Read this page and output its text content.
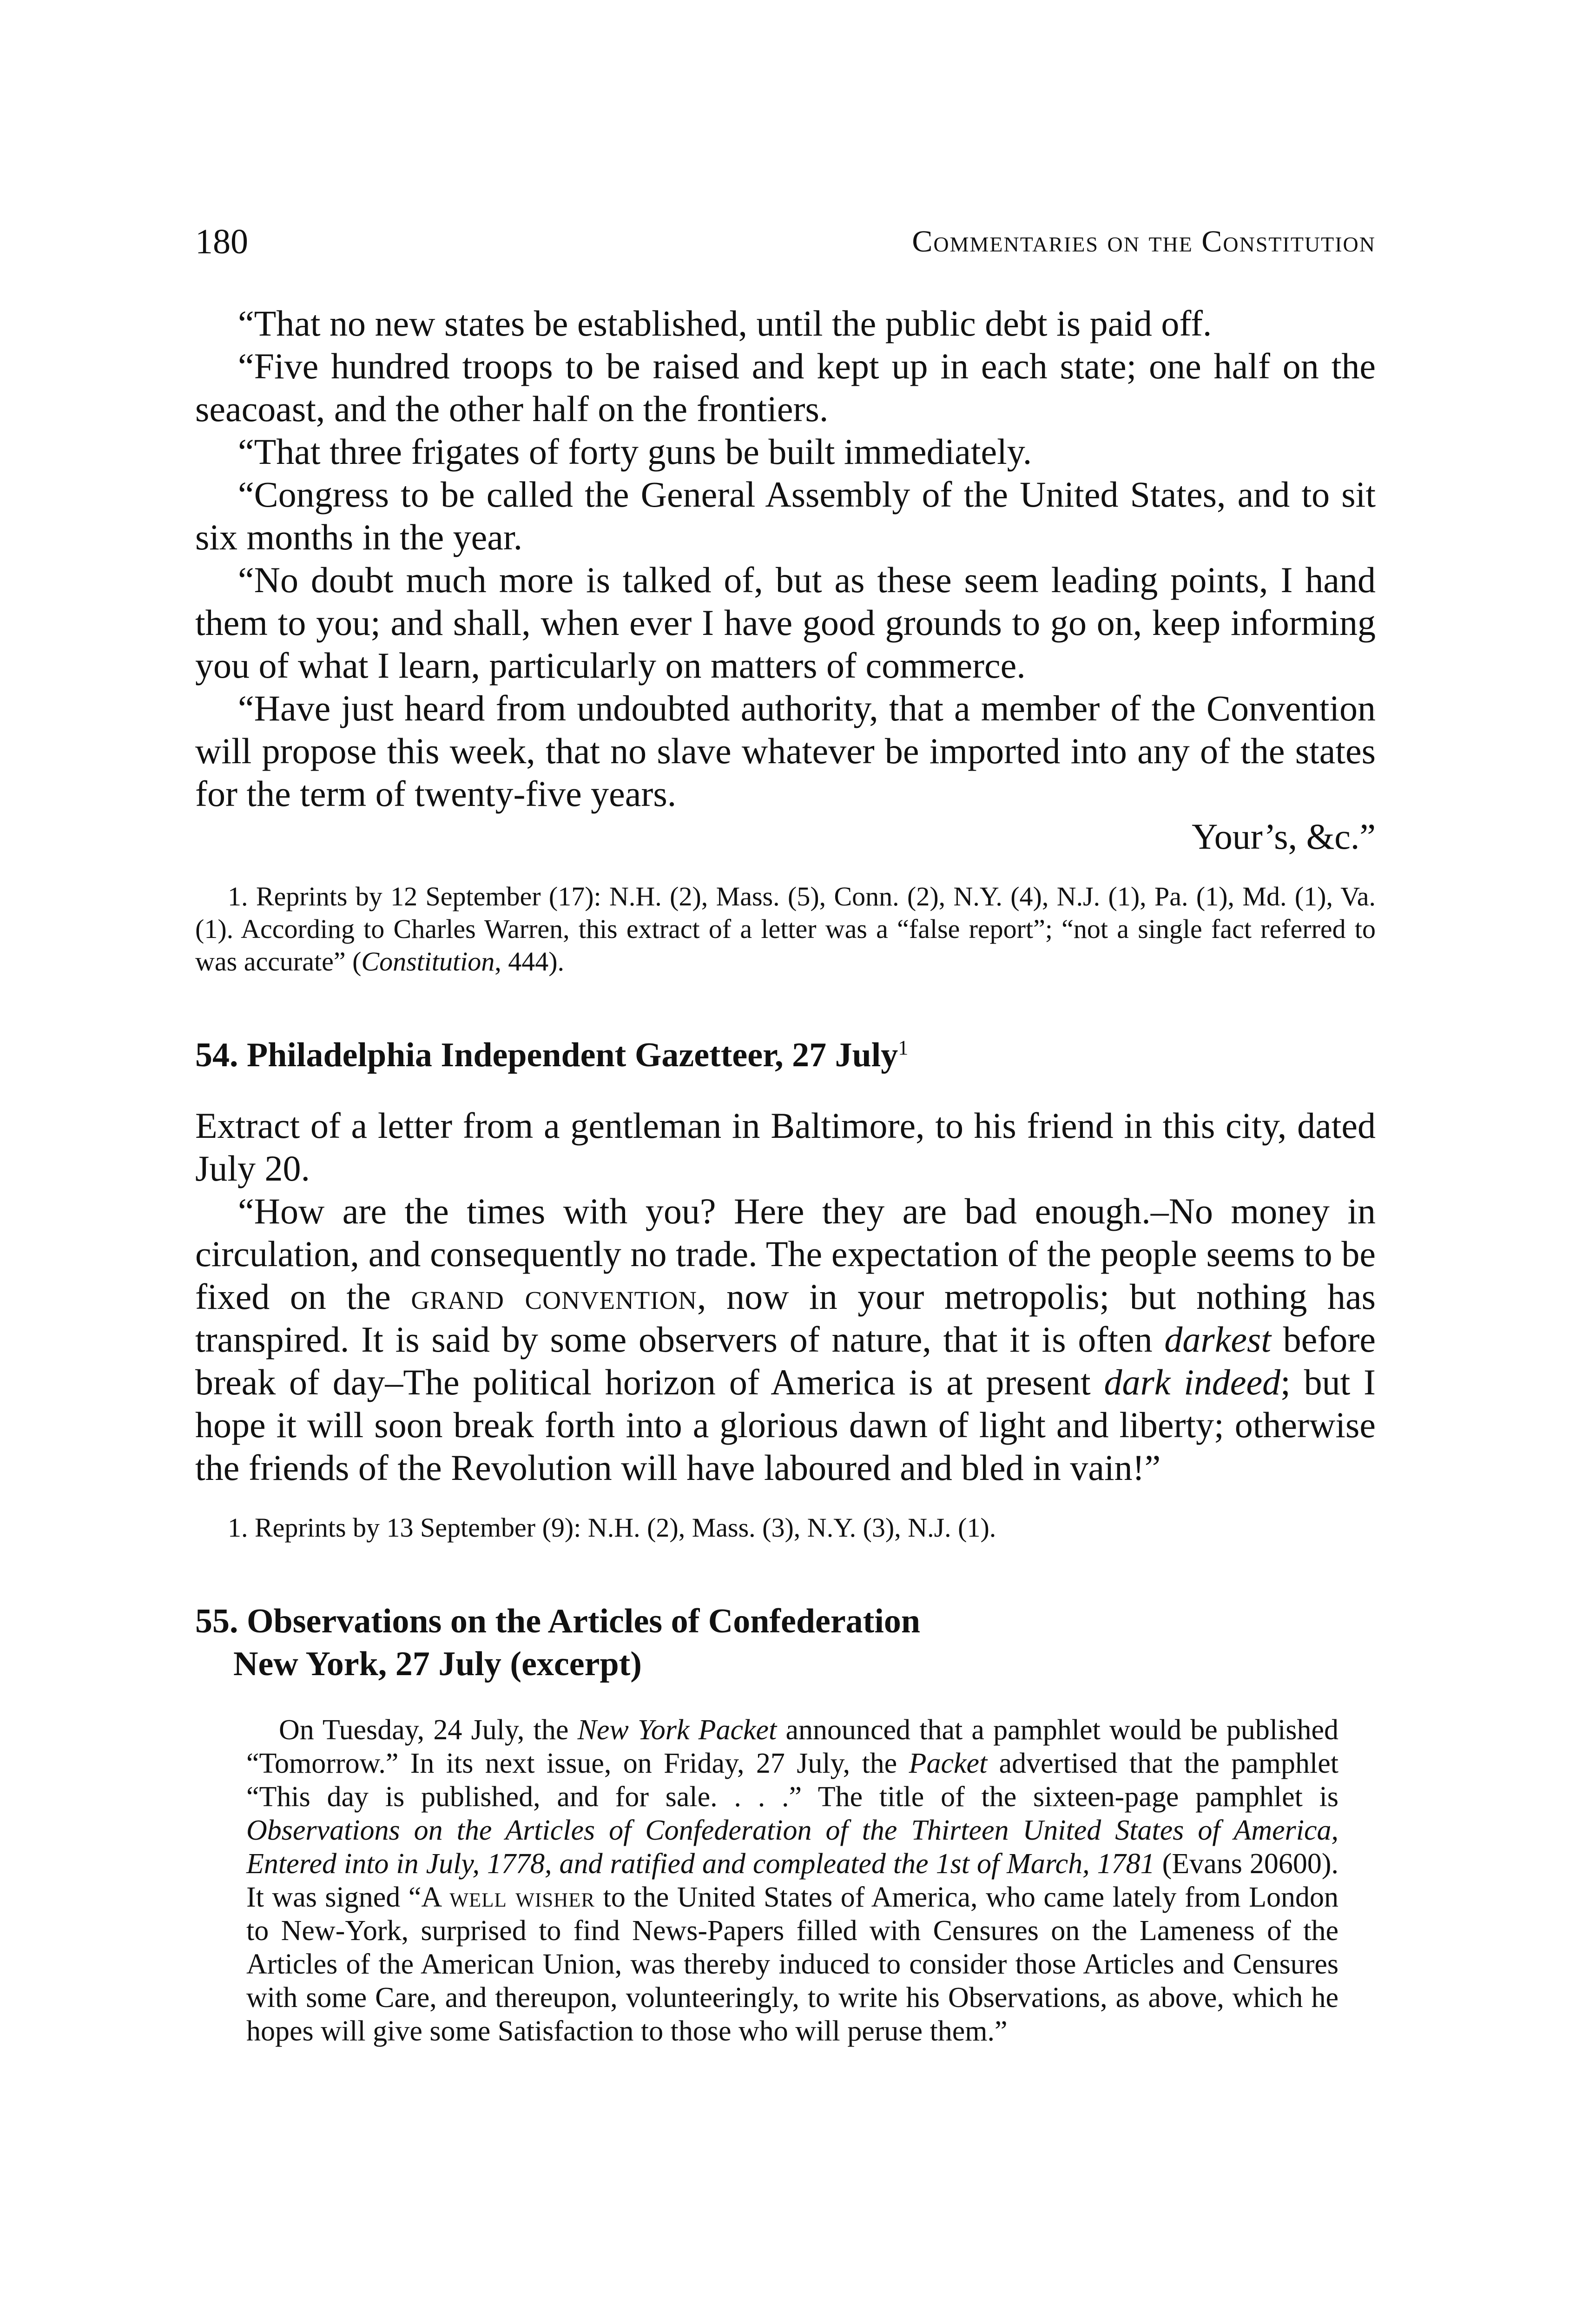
180	Commentaries on the Constitution

“That no new states be established, until the public debt is paid off.

“Five hundred troops to be raised and kept up in each state; one half on the seacoast, and the other half on the frontiers.

“That three frigates of forty guns be built immediately.

“Congress to be called the General Assembly of the United States, and to sit six months in the year.

“No doubt much more is talked of, but as these seem leading points, I hand them to you; and shall, when ever I have good grounds to go on, keep informing you of what I learn, particularly on matters of commerce.

“Have just heard from undoubted authority, that a member of the Convention will propose this week, that no slave whatever be imported into any of the states for the term of twenty-five years.
Your’s, &c.”

1. Reprints by 12 September (17): N.H. (2), Mass. (5), Conn. (2), N.Y. (4), N.J. (1), Pa. (1), Md. (1), Va. (1). According to Charles Warren, this extract of a letter was a “false report”; “not a single fact referred to was accurate” (Constitution, 444).

54. Philadelphia Independent Gazetteer, 27 July$^1$

Extract of a letter from a gentleman in Baltimore, to his friend in this city, dated July 20.

“How are the times with you? Here they are bad enough.–No money in circulation, and consequently no trade. The expectation of the people seems to be fixed on the grand convention, now in your metropolis; but nothing has transpired. It is said by some observers of nature, that it is often darkest before break of day–The political horizon of America is at present dark indeed; but I hope it will soon break forth into a glorious dawn of light and liberty; otherwise the friends of the Revolution will have laboured and bled in vain!”

1. Reprints by 13 September (9): N.H. (2), Mass. (3), N.Y. (3), N.J. (1).

55. Observations on the Articles of Confederation
New York, 27 July (excerpt)

On Tuesday, 24 July, the New York Packet announced that a pamphlet would be published “Tomorrow.” In its next issue, on Friday, 27 July, the Packet advertised that the pamphlet “This day is published, and for sale. . . .” The title of the sixteen-page pamphlet is Observations on the Articles of Confederation of the Thirteen United States of America, Entered into in July, 1778, and ratified and compleated the 1st of March, 1781 (Evans 20600). It was signed “A well wisher to the United States of America, who came lately from London to New-York, surprised to find News-Papers filled with Censures on the Lameness of the Articles of the American Union, was thereby induced to consider those Articles and Censures with some Care, and thereupon, volunteeringly, to write his Observations, as above, which he hopes will give some Satisfaction to those who will peruse them.”
